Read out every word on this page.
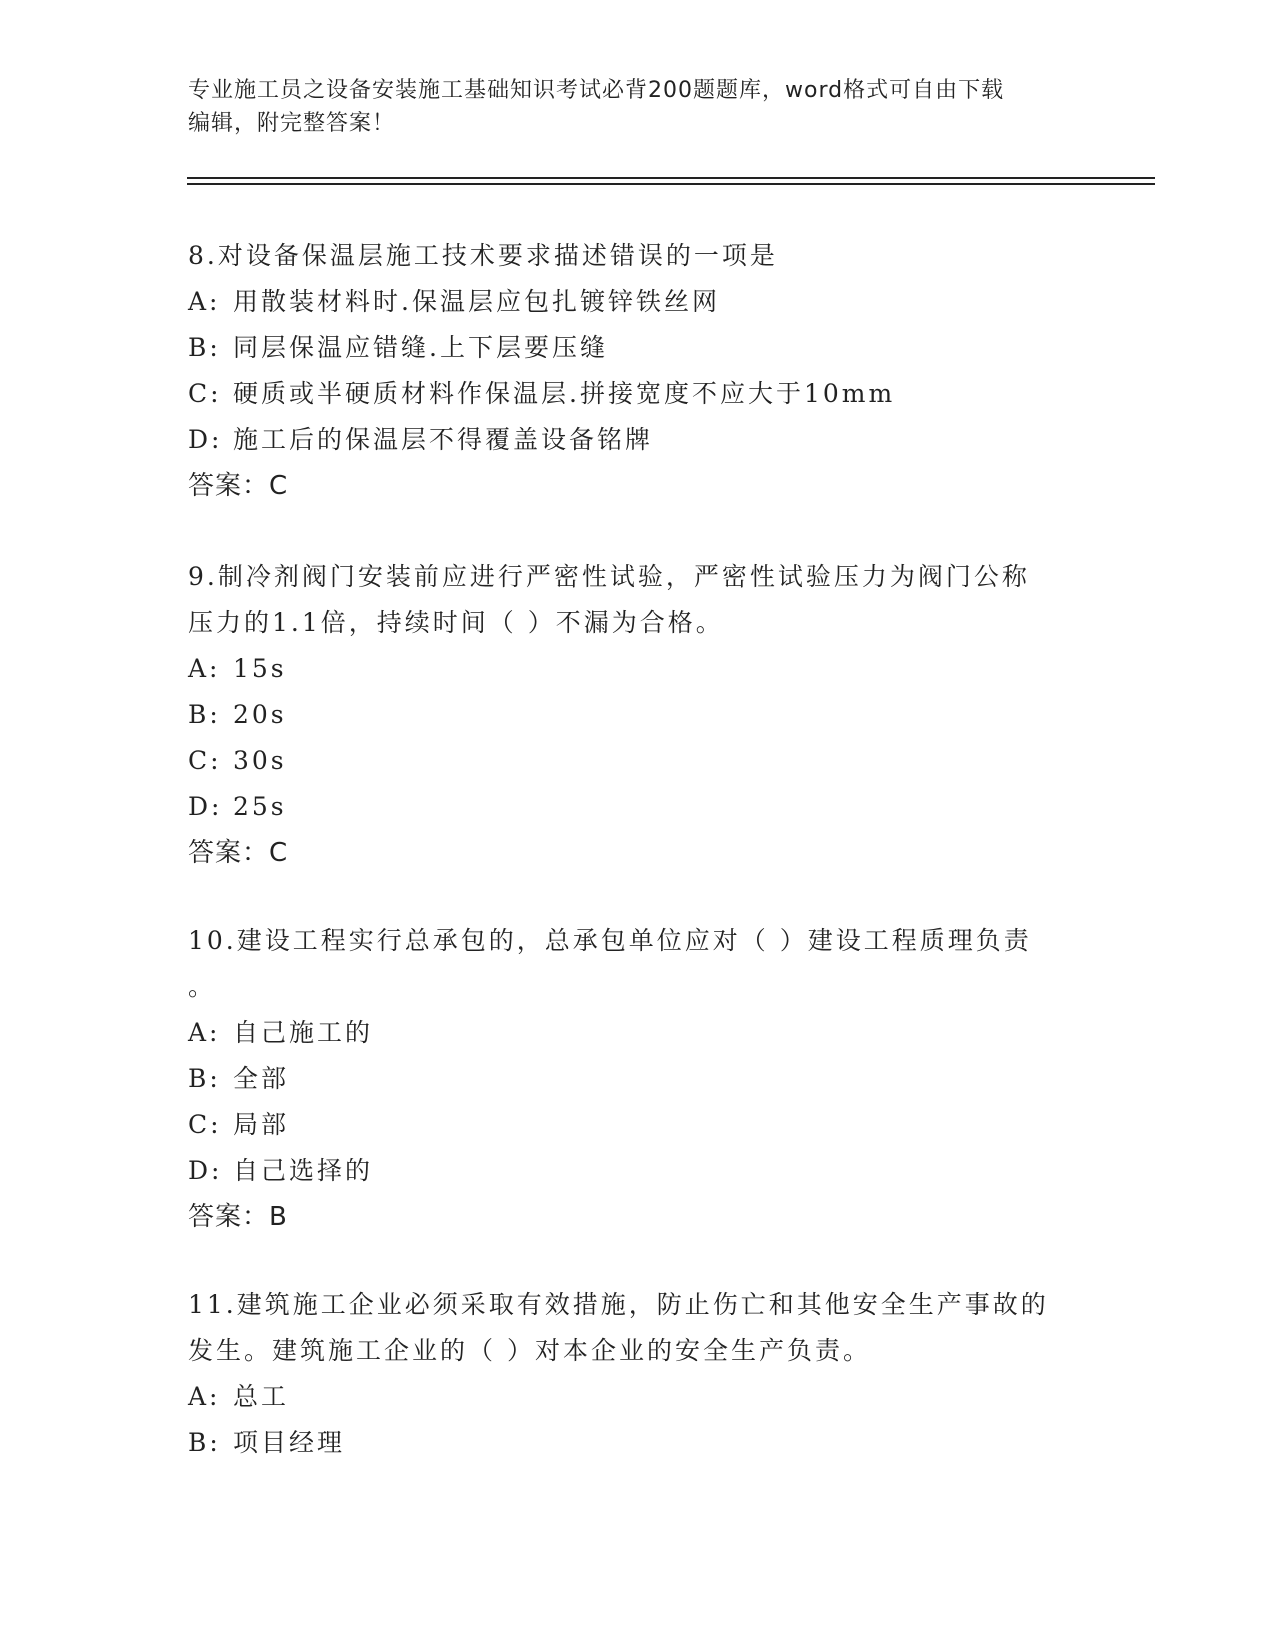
专业施工员之设备安装施工基础知识考试必背200题题库，word格式可自由下载
编辑，附完整答案！
8.对设备保温层施工技术要求描述错误的一项是
A: 用散装材料时.保温层应包扎镀锌铁丝网
B: 同层保温应错缝.上下层要压缝
C: 硬质或半硬质材料作保温层.拼接宽度不应大于10mm
D: 施工后的保温层不得覆盖设备铭牌
答案：C
9.制冷剂阀门安装前应进行严密性试验，严密性试验压力为阀门公称
压力的1.1倍，持续时间（ ）不漏为合格。
A: 15s
B: 20s
C: 30s
D: 25s
答案：C
10.建设工程实行总承包的，总承包单位应对（ ）建设工程质理负责
。
A: 自己施工的
B: 全部
C: 局部
D: 自己选择的
答案：B
11.建筑施工企业必须采取有效措施，防止伤亡和其他安全生产事故的
发生。建筑施工企业的（ ）对本企业的安全生产负责。
A: 总工
B: 项目经理
